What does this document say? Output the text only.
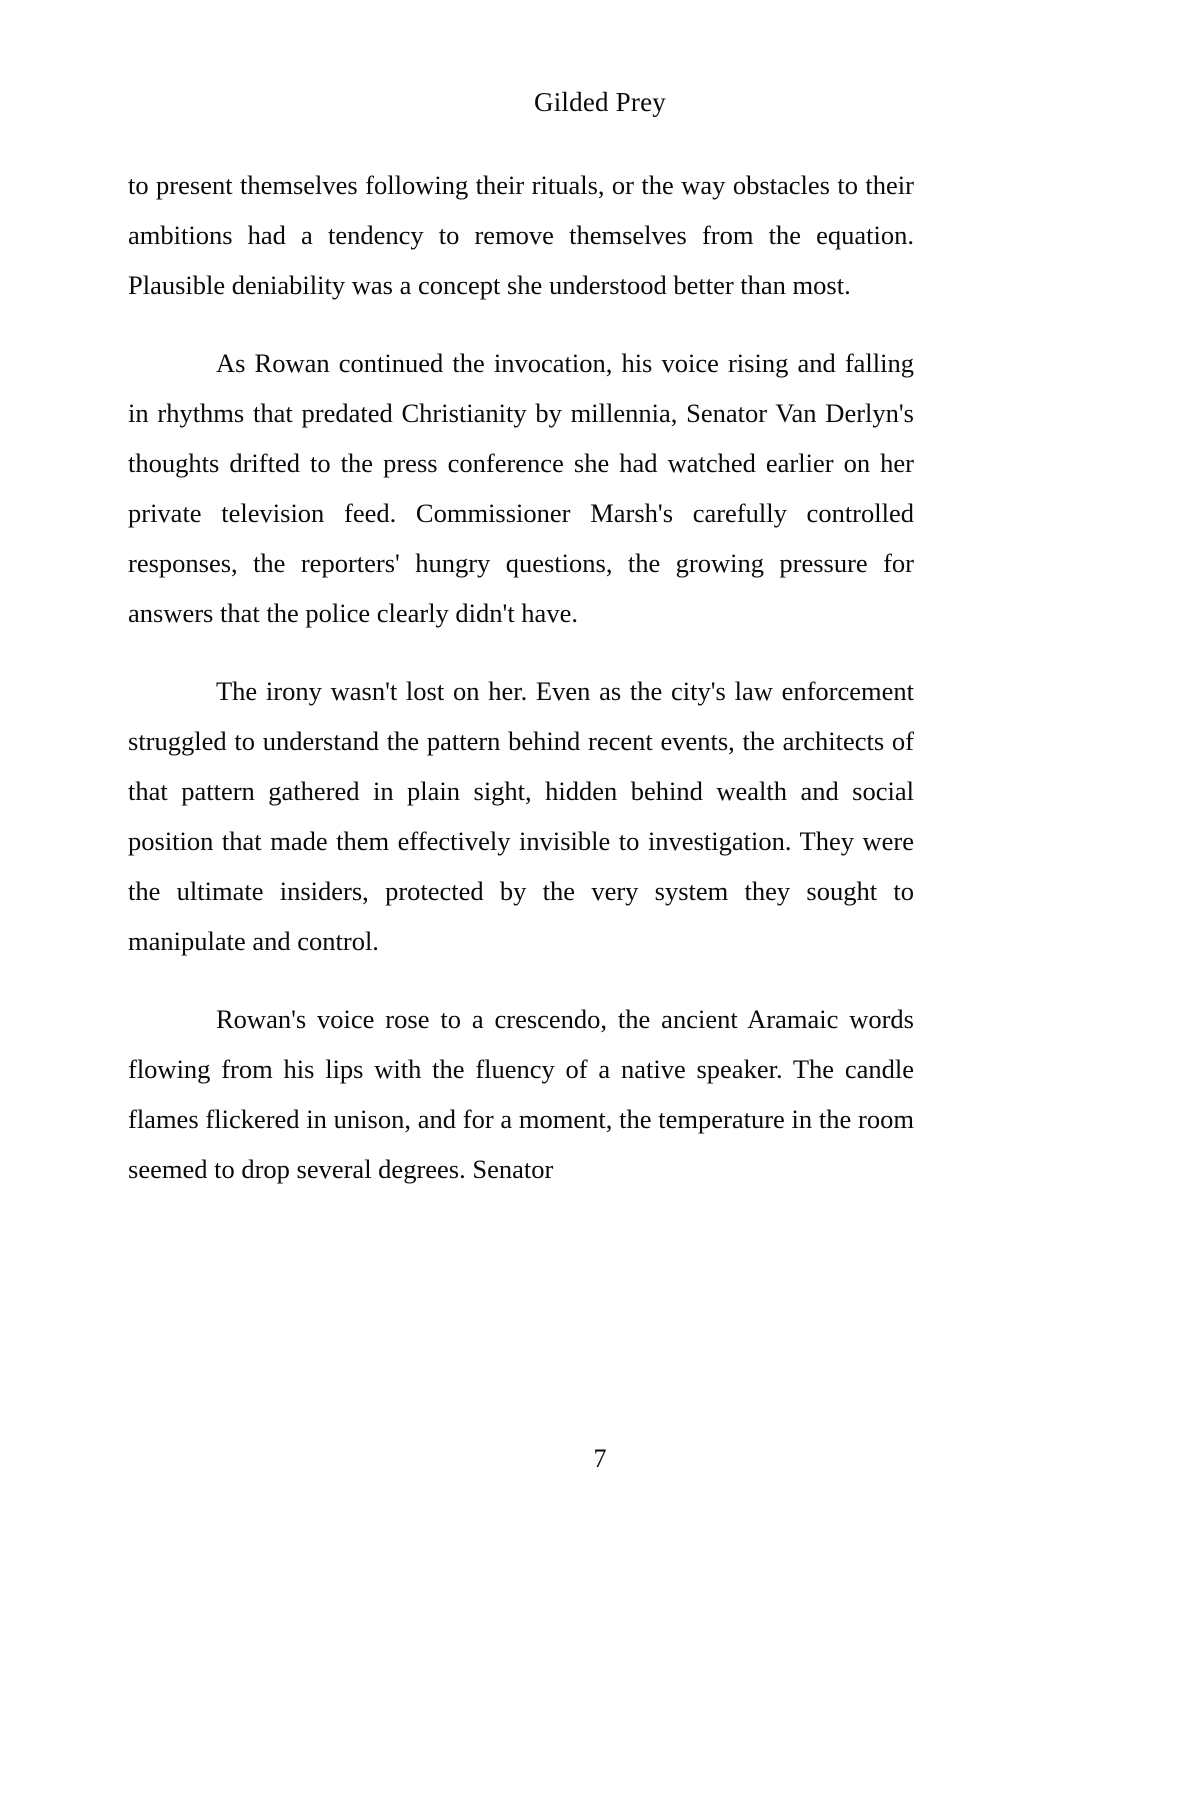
Gilded Prey

to present themselves following their rituals, or the way obstacles to their ambitions had a tendency to remove themselves from the equation. Plausible deniability was a concept she understood better than most.

As Rowan continued the invocation, his voice rising and falling in rhythms that predated Christianity by millennia, Senator Van Derlyn's thoughts drifted to the press conference she had watched earlier on her private television feed. Commissioner Marsh's carefully controlled responses, the reporters' hungry questions, the growing pressure for answers that the police clearly didn't have.

The irony wasn't lost on her. Even as the city's law enforcement struggled to understand the pattern behind recent events, the architects of that pattern gathered in plain sight, hidden behind wealth and social position that made them effectively invisible to investigation. They were the ultimate insiders, protected by the very system they sought to manipulate and control.

Rowan's voice rose to a crescendo, the ancient Aramaic words flowing from his lips with the fluency of a native speaker. The candle flames flickered in unison, and for a moment, the temperature in the room seemed to drop several degrees. Senator

7
